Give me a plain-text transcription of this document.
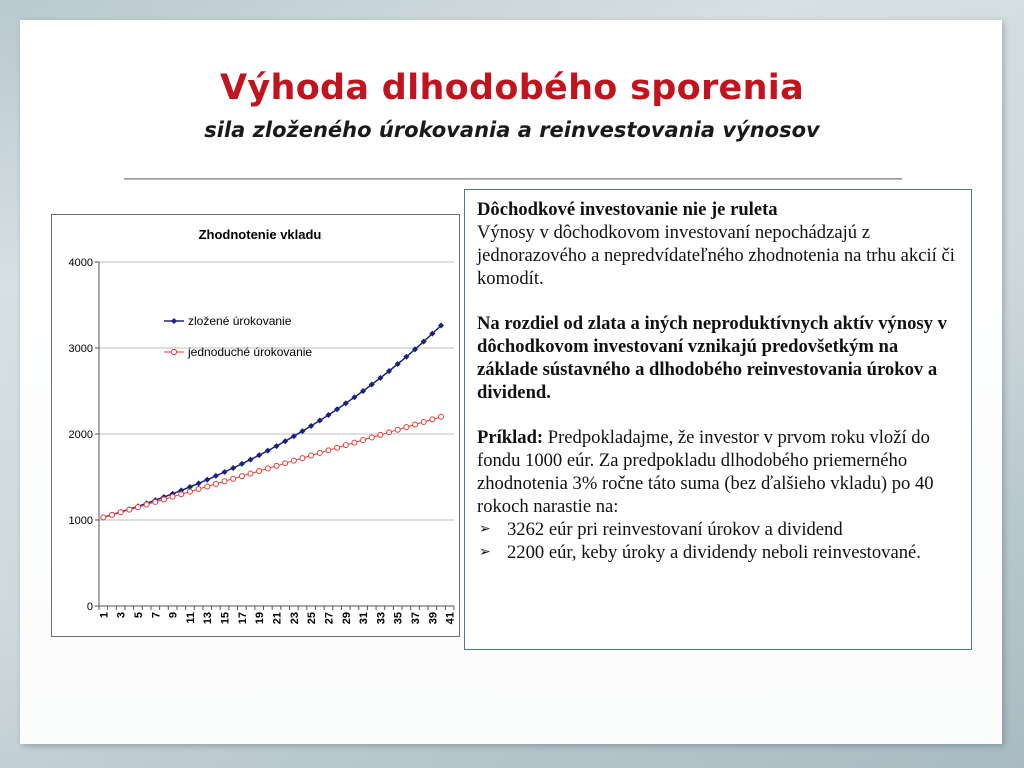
Výhoda dlhodobého sporenia
sila zloženého úrokovania a reinvestovania výnosov
Zhodnotenie vkladu
0
1000
2000
3000
4000
1 3 5 7 9 11 13 15 17 19 21 23 25 27 29 31 33 35 37 39 41
zložené úrokovanie
jednoduché úrokovanie

Dôchodkové investovanie nie je ruleta

Výnosy v dôchodkovom investovaní nepochádzajú z jednorazového a nepredvídateľného zhodnotenia na trhu akcií či komodít.

Na rozdiel od zlata a iných neproduktívnych aktív výnosy v dôchodkovom investovaní vznikajú predovšetkým na základe sústavného a dlhodobého reinvestovania úrokov a dividend.

Príklad: Predpokladajme, že investor v prvom roku vloží do fondu 1000 eúr. Za predpokladu dlhodobého priemerného zhodnotenia 3% ročne táto suma (bez ďalšieho vkladu) po 40 rokoch narastie na:

➢ 3262 eúr pri reinvestovaní úrokov a dividend

➢ 2200 eúr, keby úroky a dividendy neboli reinvestované.
